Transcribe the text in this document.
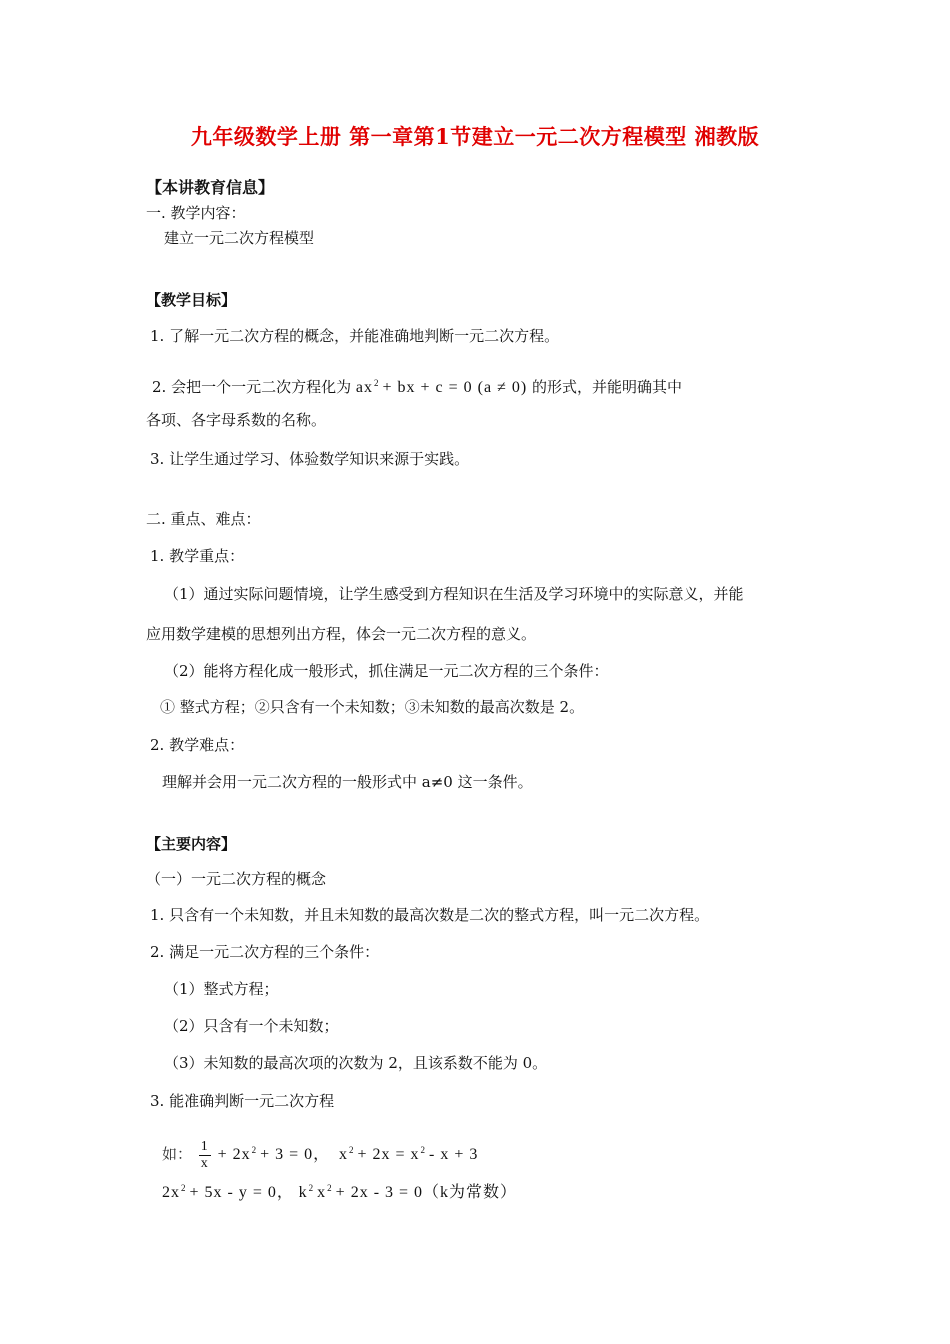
九年级数学上册 第一章第1节建立一元二次方程模型 湘教版
【本讲教育信息】
一. 教学内容：
建立一元二次方程模型
【教学目标】
1. 了解一元二次方程的概念，并能准确地判断一元二次方程。
2. 会把一个一元二次方程化为 $ax^2$ + bx + c = 0 (a ≠ 0) 的形式，并能明确其中
各项、各字母系数的名称。
3. 让学生通过学习、体验数学知识来源于实践。
二. 重点、难点：
1. 教学重点：
（1）通过实际问题情境，让学生感受到方程知识在生活及学习环境中的实际意义，并能
应用数学建模的思想列出方程，体会一元二次方程的意义。
（2）能将方程化成一般形式，抓住满足一元二次方程的三个条件：
① 整式方程；②只含有一个未知数；③未知数的最高次数是 2。
2. 教学难点：
理解并会用一元二次方程的一般形式中 a≠0 这一条件。
【主要内容】
（一）一元二次方程的概念
1. 只含有一个未知数，并且未知数的最高次数是二次的整式方程，叫一元二次方程。
2. 满足一元二次方程的三个条件：
（1）整式方程；
（2）只含有一个未知数；
（3）未知数的最高次项的次数为 2，且该系数不能为 0。
3. 能准确判断一元二次方程
如： $\frac{1}{x} + 2x^2 + 3 = 0$， $x^2 + 2x = x^2 - x + 3$
$2x^2 + 5x - y = 0$， $k^2$ $x^2 + 2x - 3 = 0(k$为常数）
